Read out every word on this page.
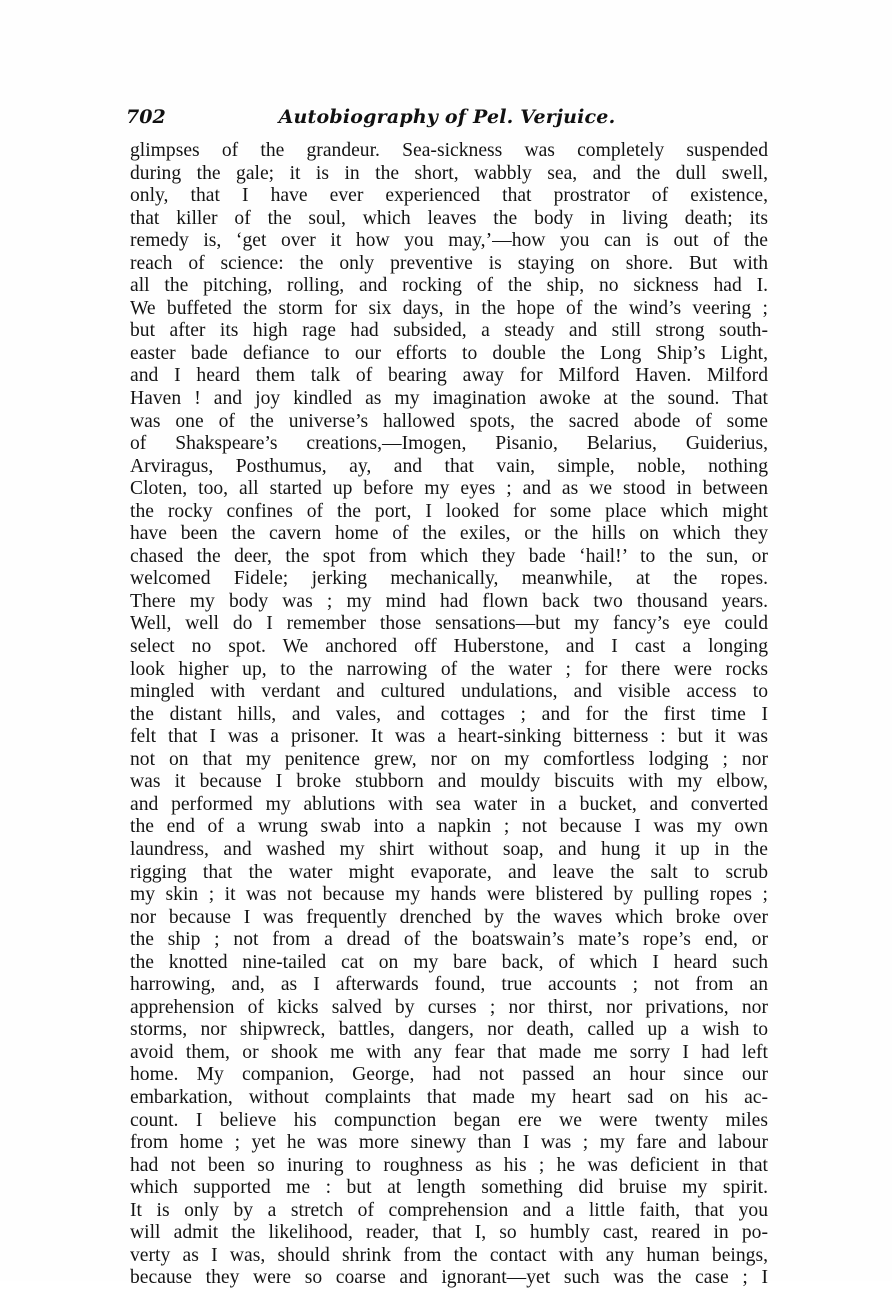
702	Autobiography of Pel. Verjuice.
glimpses of the grandeur. Sea-sickness was completely suspended
during the gale; it is in the short, wabbly sea, and the dull swell,
only, that I have ever experienced that prostrator of existence,
that killer of the soul, which leaves the body in living death; its
remedy is, ‘get over it how you may,’—how you can is out of the
reach of science: the only preventive is staying on shore. But with
all the pitching, rolling, and rocking of the ship, no sickness had I.
We buffeted the storm for six days, in the hope of the wind’s veering ;
but after its high rage had subsided, a steady and still strong south-
easter bade defiance to our efforts to double the Long Ship’s Light,
and I heard them talk of bearing away for Milford Haven. Milford
Haven ! and joy kindled as my imagination awoke at the sound. That
was one of the universe’s hallowed spots, the sacred abode of some
of Shakspeare’s creations,—Imogen, Pisanio, Belarius, Guiderius,
Arviragus, Posthumus, ay, and that vain, simple, noble, nothing
Cloten, too, all started up before my eyes ; and as we stood in between
the rocky confines of the port, I looked for some place which might
have been the cavern home of the exiles, or the hills on which they
chased the deer, the spot from which they bade ‘hail!’ to the sun, or
welcomed Fidele; jerking mechanically, meanwhile, at the ropes.
There my body was ; my mind had flown back two thousand years.
Well, well do I remember those sensations—but my fancy’s eye could
select no spot. We anchored off Huberstone, and I cast a longing
look higher up, to the narrowing of the water ; for there were rocks
mingled with verdant and cultured undulations, and visible access to
the distant hills, and vales, and cottages ; and for the first time I
felt that I was a prisoner. It was a heart-sinking bitterness : but it was
not on that my penitence grew, nor on my comfortless lodging ; nor
was it because I broke stubborn and mouldy biscuits with my elbow,
and performed my ablutions with sea water in a bucket, and converted
the end of a wrung swab into a napkin ; not because I was my own
laundress, and washed my shirt without soap, and hung it up in the
rigging that the water might evaporate, and leave the salt to scrub
my skin ; it was not because my hands were blistered by pulling ropes ;
nor because I was frequently drenched by the waves which broke over
the ship ; not from a dread of the boatswain’s mate’s rope’s end, or
the knotted nine-tailed cat on my bare back, of which I heard such
harrowing, and, as I afterwards found, true accounts ; not from an
apprehension of kicks salved by curses ; nor thirst, nor privations, nor
storms, nor shipwreck, battles, dangers, nor death, called up a wish to
avoid them, or shook me with any fear that made me sorry I had left
home. My companion, George, had not passed an hour since our
embarkation, without complaints that made my heart sad on his ac-
count. I believe his compunction began ere we were twenty miles
from home ; yet he was more sinewy than I was ; my fare and labour
had not been so inuring to roughness as his ; he was deficient in that
which supported me : but at length something did bruise my spirit.
It is only by a stretch of comprehension and a little faith, that you
will admit the likelihood, reader, that I, so humbly cast, reared in po-
verty as I was, should shrink from the contact with any human beings,
because they were so coarse and ignorant—yet such was the case ; I
